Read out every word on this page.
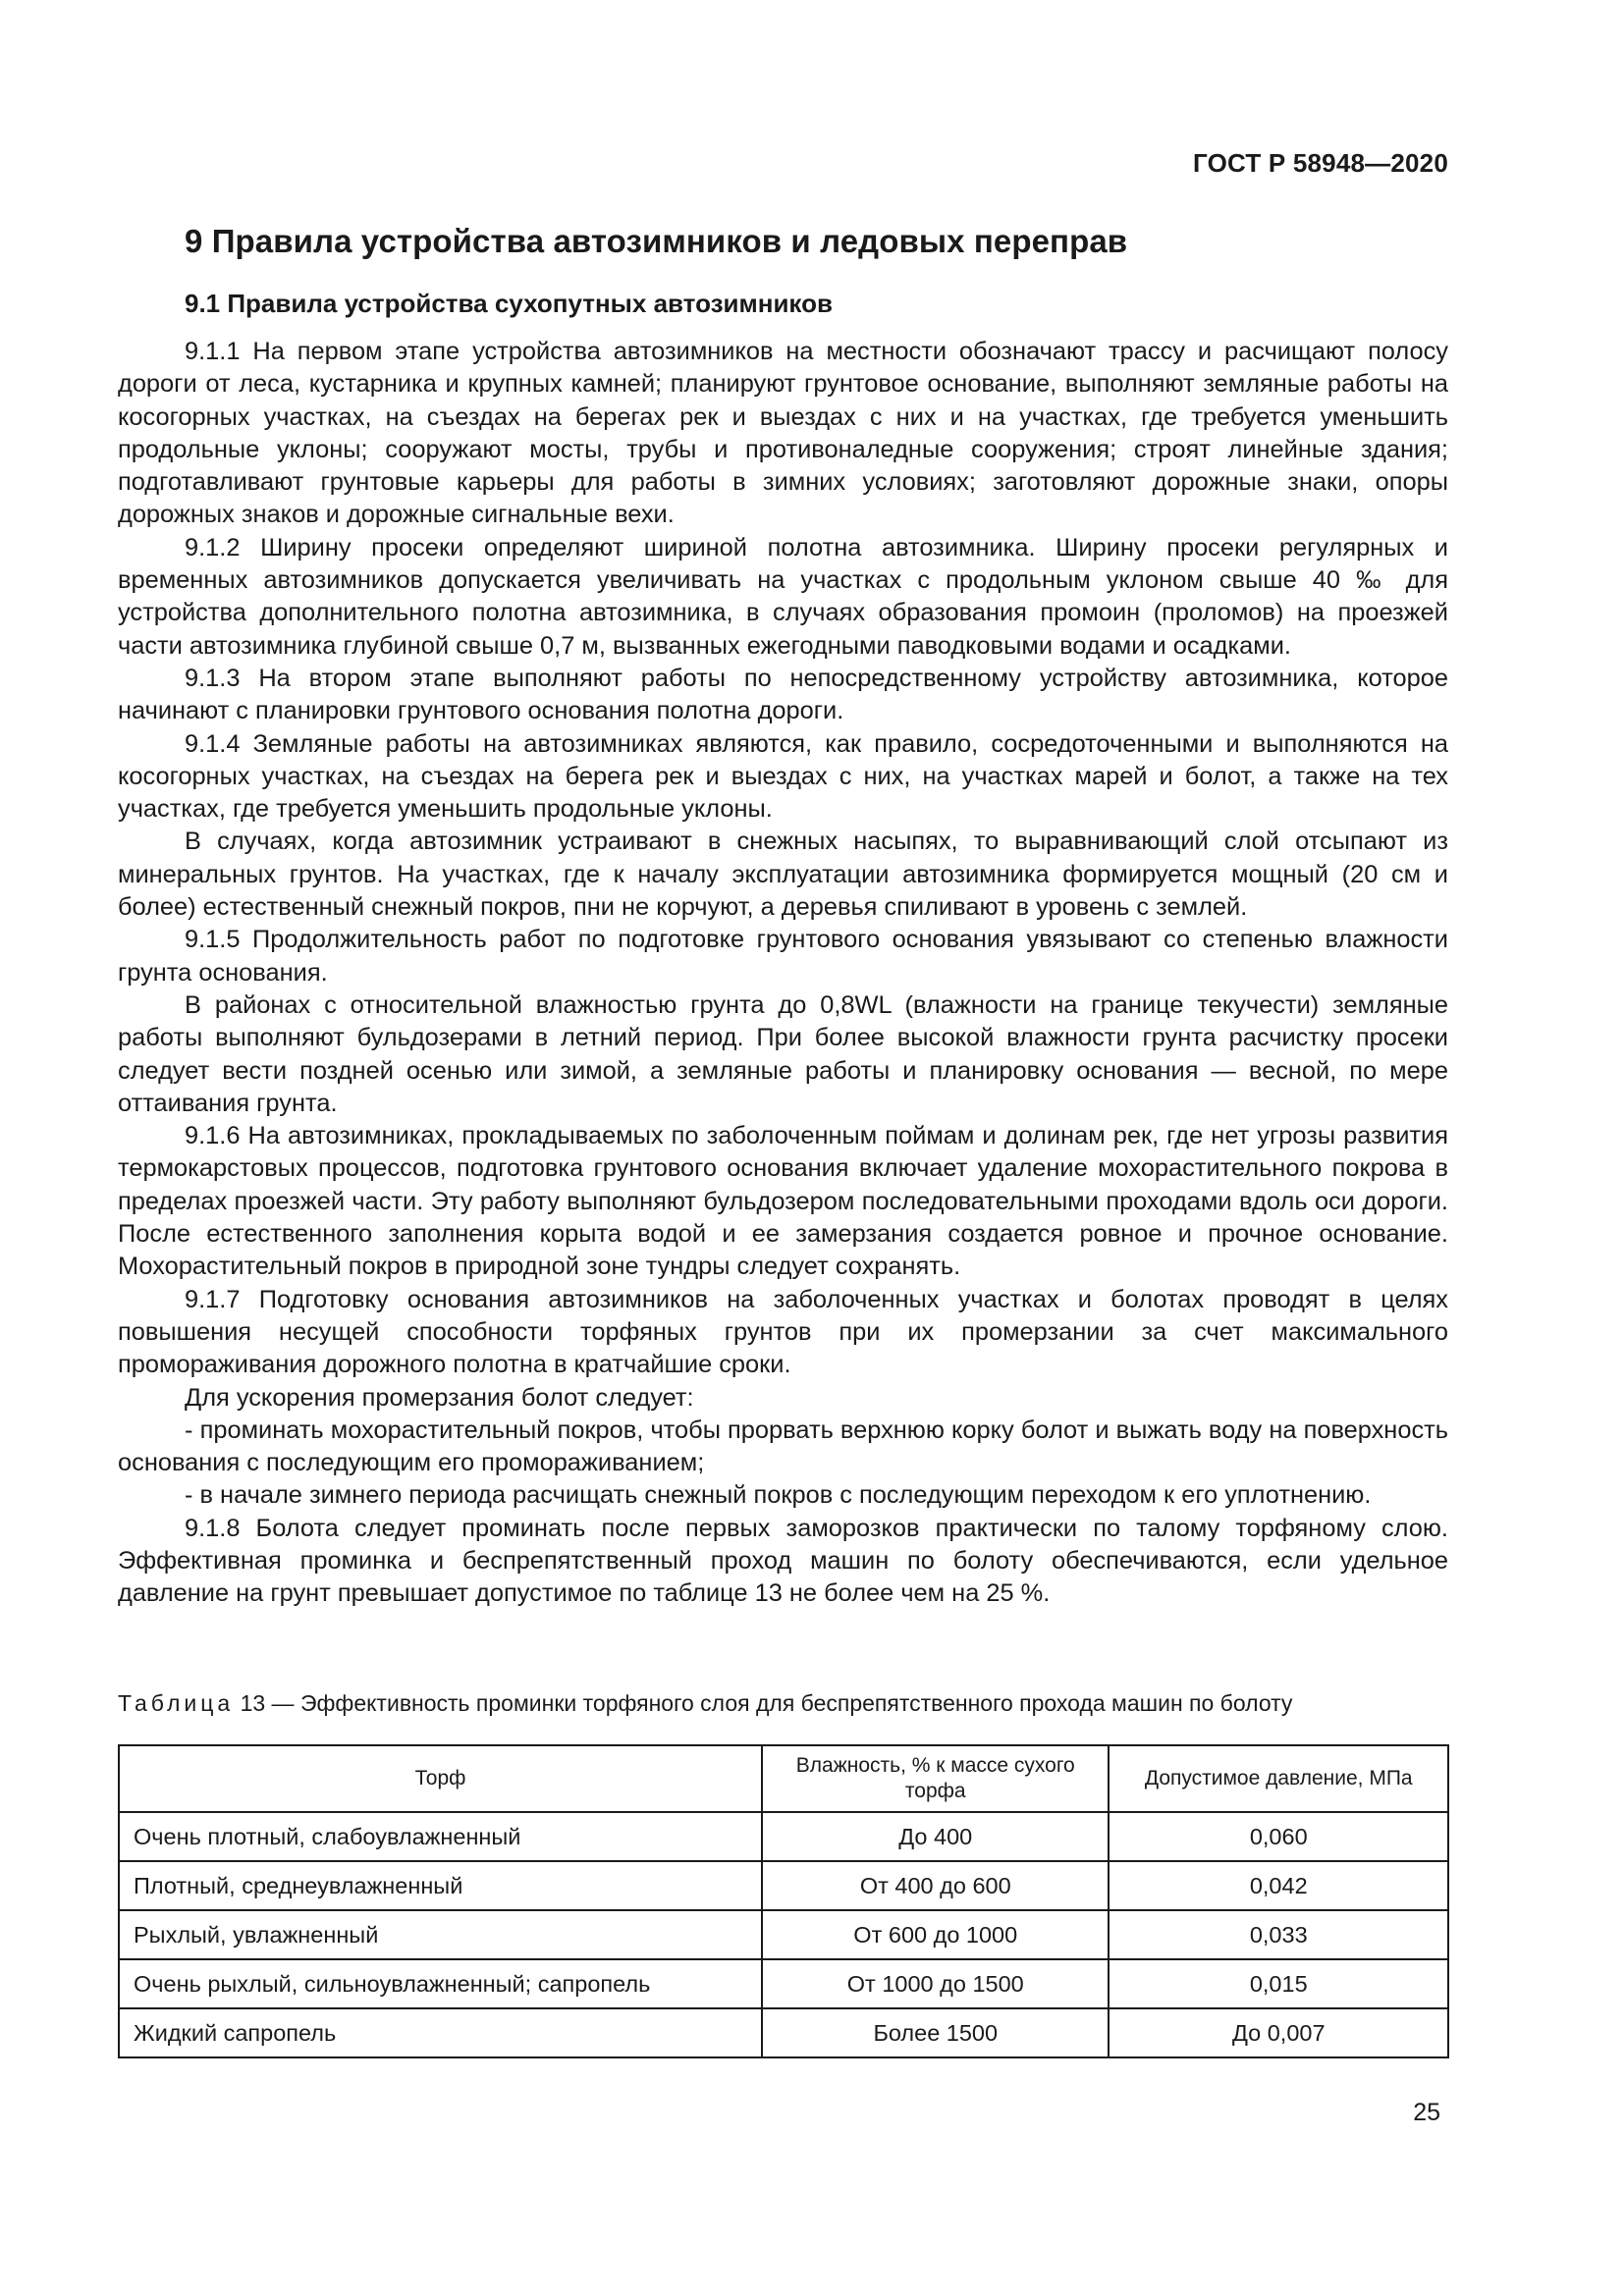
ГОСТ Р 58948—2020
9 Правила устройства автозимников и ледовых переправ
9.1 Правила устройства сухопутных автозимников

9.1.1 На первом этапе устройства автозимников на местности обозначают трассу и расчищают полосу дороги от леса, кустарника и крупных камней; планируют грунтовое основание, выполняют земляные работы на косогорных участках, на съездах на берегах рек и выездах с них и на участках, где требуется уменьшить продольные уклоны; сооружают мосты, трубы и противоналедные сооружения; строят линейные здания; подготавливают грунтовые карьеры для работы в зимних условиях; заготовляют дорожные знаки, опоры дорожных знаков и дорожные сигнальные вехи.

9.1.2 Ширину просеки определяют шириной полотна автозимника. Ширину просеки регулярных и временных автозимников допускается увеличивать на участках с продольным уклоном свыше 40 ‰ для устройства дополнительного полотна автозимника, в случаях образования промоин (проломов) на проезжей части автозимника глубиной свыше 0,7 м, вызванных ежегодными паводковыми водами и осадками.

9.1.3 На втором этапе выполняют работы по непосредственному устройству автозимника, которое начинают с планировки грунтового основания полотна дороги.

9.1.4 Земляные работы на автозимниках являются, как правило, сосредоточенными и выполняются на косогорных участках, на съездах на берега рек и выездах с них, на участках марей и болот, а также на тех участках, где требуется уменьшить продольные уклоны.

В случаях, когда автозимник устраивают в снежных насыпях, то выравнивающий слой отсыпают из минеральных грунтов. На участках, где к началу эксплуатации автозимника формируется мощный (20 см и более) естественный снежный покров, пни не корчуют, а деревья спиливают в уровень с землей.

9.1.5 Продолжительность работ по подготовке грунтового основания увязывают со степенью влажности грунта основания.

В районах с относительной влажностью грунта до 0,8WL (влажности на границе текучести) земляные работы выполняют бульдозерами в летний период. При более высокой влажности грунта расчистку просеки следует вести поздней осенью или зимой, а земляные работы и планировку основания — весной, по мере оттаивания грунта.

9.1.6 На автозимниках, прокладываемых по заболоченным поймам и долинам рек, где нет угрозы развития термокарстовых процессов, подготовка грунтового основания включает удаление мохорастительного покрова в пределах проезжей части. Эту работу выполняют бульдозером последовательными проходами вдоль оси дороги. После естественного заполнения корыта водой и ее замерзания создается ровное и прочное основание. Мохорастительный покров в природной зоне тундры следует сохранять.

9.1.7 Подготовку основания автозимников на заболоченных участках и болотах проводят в целях повышения несущей способности торфяных грунтов при их промерзании за счет максимального промораживания дорожного полотна в кратчайшие сроки.

Для ускорения промерзания болот следует:

- проминать мохорастительный покров, чтобы прорвать верхнюю корку болот и выжать воду на поверхность основания с последующим его промораживанием;

- в начале зимнего периода расчищать снежный покров с последующим переходом к его уплотнению.

9.1.8 Болота следует проминать после первых заморозков практически по талому торфяному слою. Эффективная проминка и беспрепятственный проход машин по болоту обеспечиваются, если удельное давление на грунт превышает допустимое по таблице 13 не более чем на 25 %.

Таблица 13 — Эффективность проминки торфяного слоя для беспрепятственного прохода машин по болоту
Торф	Влажность, % к массе сухого торфа	Допустимое давление, МПа
Очень плотный, слабоувлажненный	До 400	0,060
Плотный, среднеувлажненный	От 400 до 600	0,042
Рыхлый, увлажненный	От 600 до 1000	0,033
Очень рыхлый, сильноувлажненный; сапропель	От 1000 до 1500	0,015
Жидкий сапропель	Более 1500	До 0,007
25
